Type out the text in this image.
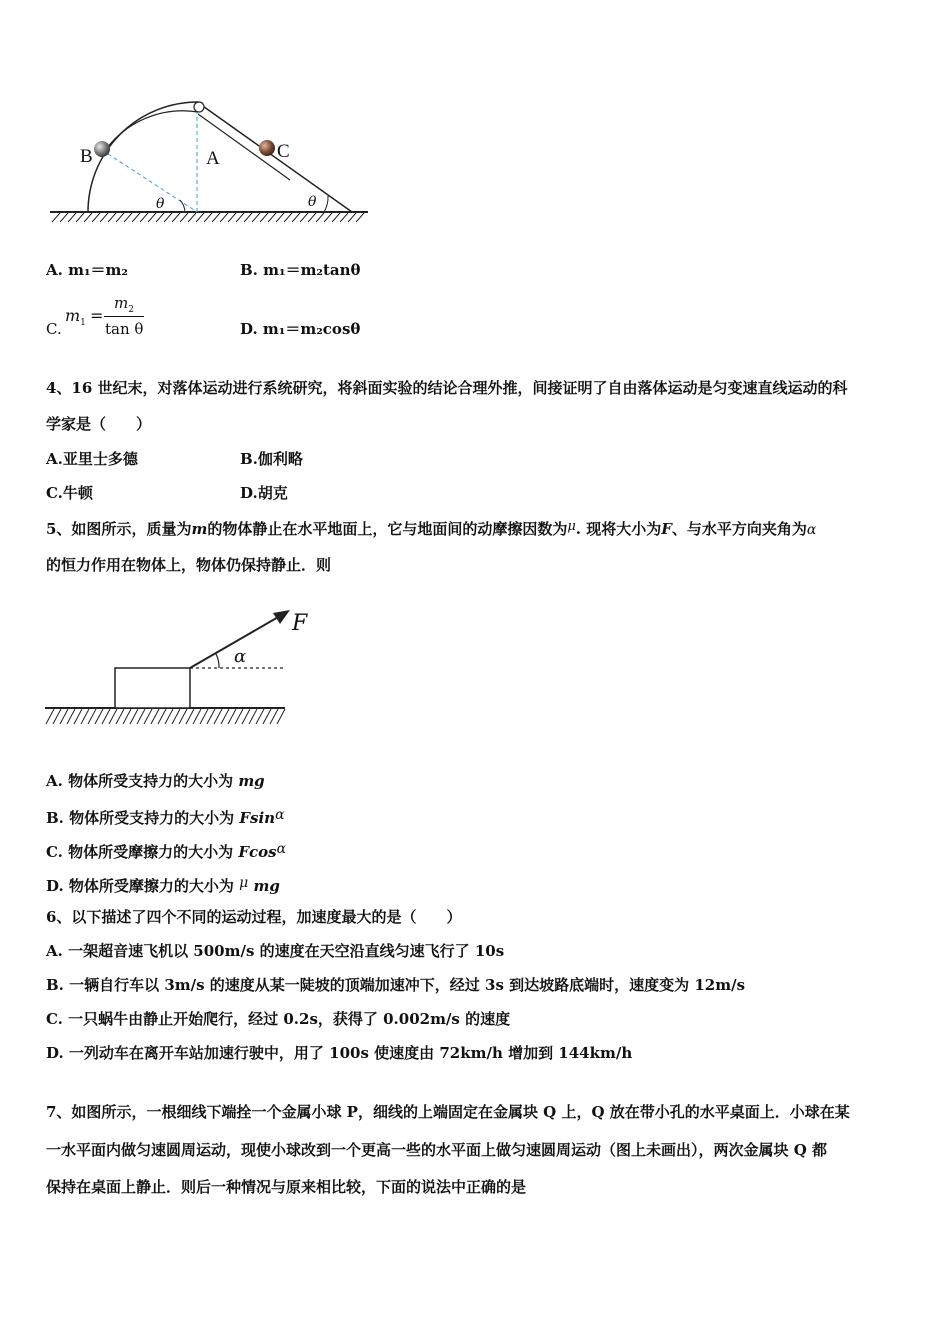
B	A	C
θ	θ
A. m₁＝m₂	B. m₁＝m₂tanθ
C.
$m_1$ =
$m_2$
tan θ	D. m₁＝m₂cosθ
4、16 世纪末，对落体运动进行系统研究，将斜面实验的结论合理外推，间接证明了自由落体运动是匀变速直线运动的科
学家是（　　）
A.亚里士多德	B.伽利略
C.牛顿	D.胡克
5、如图所示，质量为m的物体静止在水平地面上，它与地面间的动摩擦因数为μ. 现将大小为F、与水平方向夹角为α
的恒力作用在物体上，物体仍保持静止．则
F
α
A. 物体所受支持力的大小为 mg
B. 物体所受支持力的大小为 Fsinα
C. 物体所受摩擦力的大小为 Fcosα
D. 物体所受摩擦力的大小为 μ mg
6、以下描述了四个不同的运动过程，加速度最大的是（　　）
A. 一架超音速飞机以 500m/s 的速度在天空沿直线匀速飞行了 10s
B. 一辆自行车以 3m/s 的速度从某一陡坡的顶端加速冲下，经过 3s 到达坡路底端时，速度变为 12m/s
C. 一只蜗牛由静止开始爬行，经过 0.2s，获得了 0.002m/s 的速度
D. 一列动车在离开车站加速行驶中，用了 100s 使速度由 72km/h 增加到 144km/h
7、如图所示，一根细线下端拴一个金属小球 P，细线的上端固定在金属块 Q 上，Q 放在带小孔的水平桌面上．小球在某
一水平面内做匀速圆周运动，现使小球改到一个更高一些的水平面上做匀速圆周运动（图上未画出），两次金属块 Q 都
保持在桌面上静止．则后一种情况与原来相比较，下面的说法中正确的是
